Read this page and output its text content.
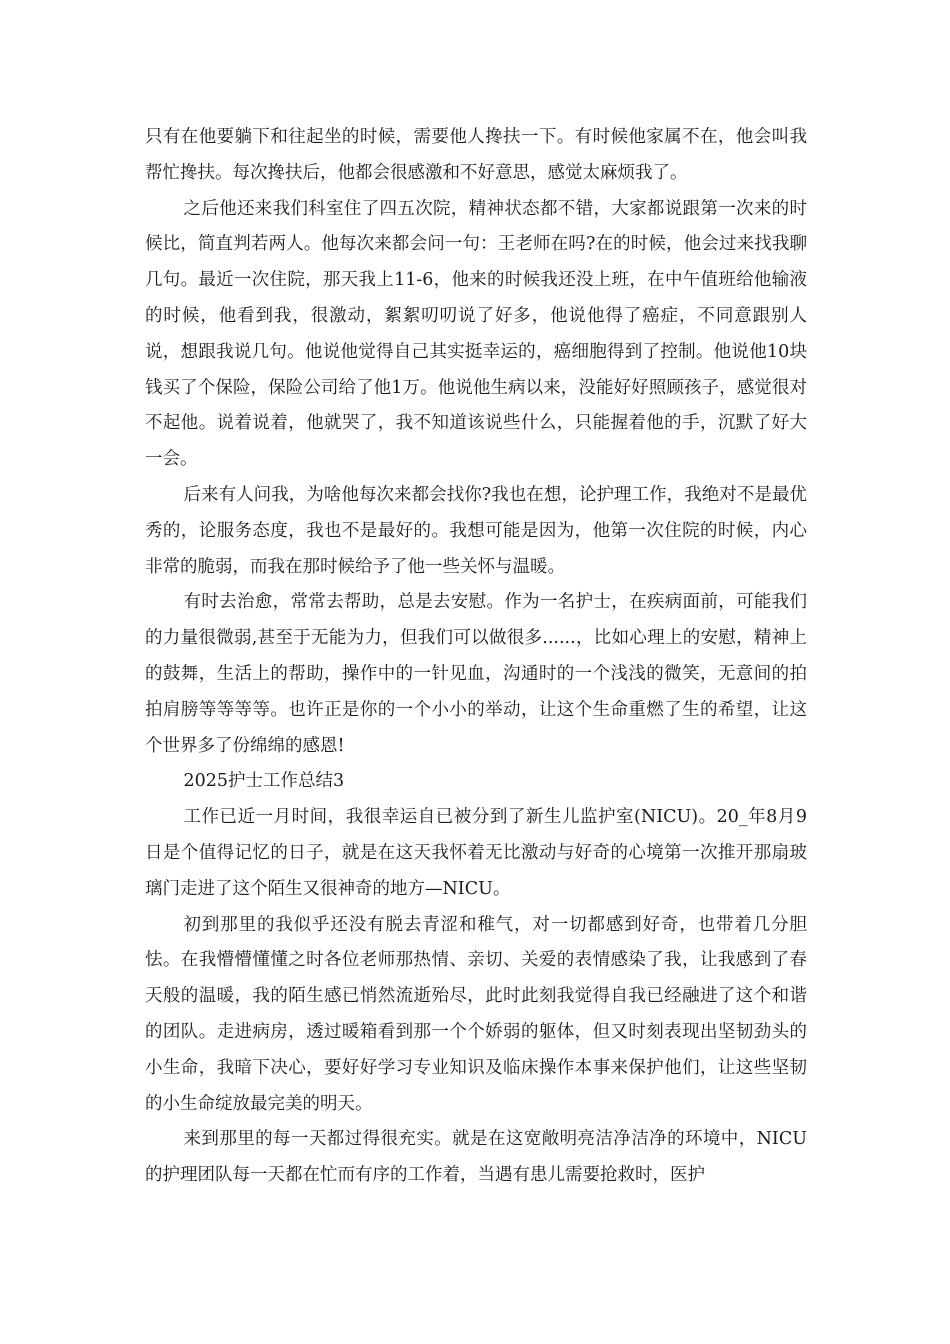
只有在他要躺下和往起坐的时候，需要他人搀扶一下。有时候他家属不在，他会叫我帮忙搀扶。每次搀扶后，他都会很感激和不好意思，感觉太麻烦我了。

之后他还来我们科室住了四五次院，精神状态都不错，大家都说跟第一次来的时候比，简直判若两人。他每次来都会问一句：王老师在吗?在的时候，他会过来找我聊几句。最近一次住院，那天我上11-6，他来的时候我还没上班，在中午值班给他输液的时候，他看到我，很激动，絮絮叨叨说了好多，他说他得了癌症，不同意跟别人说，想跟我说几句。他说他觉得自己其实挺幸运的，癌细胞得到了控制。他说他10块钱买了个保险，保险公司给了他1万。他说他生病以来，没能好好照顾孩子，感觉很对不起他。说着说着，他就哭了，我不知道该说些什么，只能握着他的手，沉默了好大一会。

后来有人问我，为啥他每次来都会找你?我也在想，论护理工作，我绝对不是最优秀的，论服务态度，我也不是最好的。我想可能是因为，他第一次住院的时候，内心非常的脆弱，而我在那时候给予了他一些关怀与温暖。

有时去治愈，常常去帮助，总是去安慰。作为一名护士，在疾病面前，可能我们的力量很微弱,甚至于无能为力，但我们可以做很多......，比如心理上的安慰，精神上的鼓舞，生活上的帮助，操作中的一针见血，沟通时的一个浅浅的微笑，无意间的拍拍肩膀等等等等。也许正是你的一个小小的举动，让这个生命重燃了生的希望，让这个世界多了份绵绵的感恩!

2025护士工作总结3

工作已近一月时间，我很幸运自已被分到了新生儿监护室(NICU)。20_年8月9日是个值得记忆的日子，就是在这天我怀着无比激动与好奇的心境第一次推开那扇玻璃门走进了这个陌生又很神奇的地方—NICU。

初到那里的我似乎还没有脱去青涩和稚气，对一切都感到好奇，也带着几分胆怯。在我懵懵懂懂之时各位老师那热情、亲切、关爱的表情感染了我，让我感到了春天般的温暖，我的陌生感已悄然流逝殆尽，此时此刻我觉得自我已经融进了这个和谐的团队。走进病房，透过暖箱看到那一个个娇弱的躯体，但又时刻表现出坚韧劲头的小生命，我暗下决心，要好好学习专业知识及临床操作本事来保护他们，让这些坚韧的小生命绽放最完美的明天。

来到那里的每一天都过得很充实。就是在这宽敞明亮洁净洁净的环境中，NICU的护理团队每一天都在忙而有序的工作着，当遇有患儿需要抢救时，医护
